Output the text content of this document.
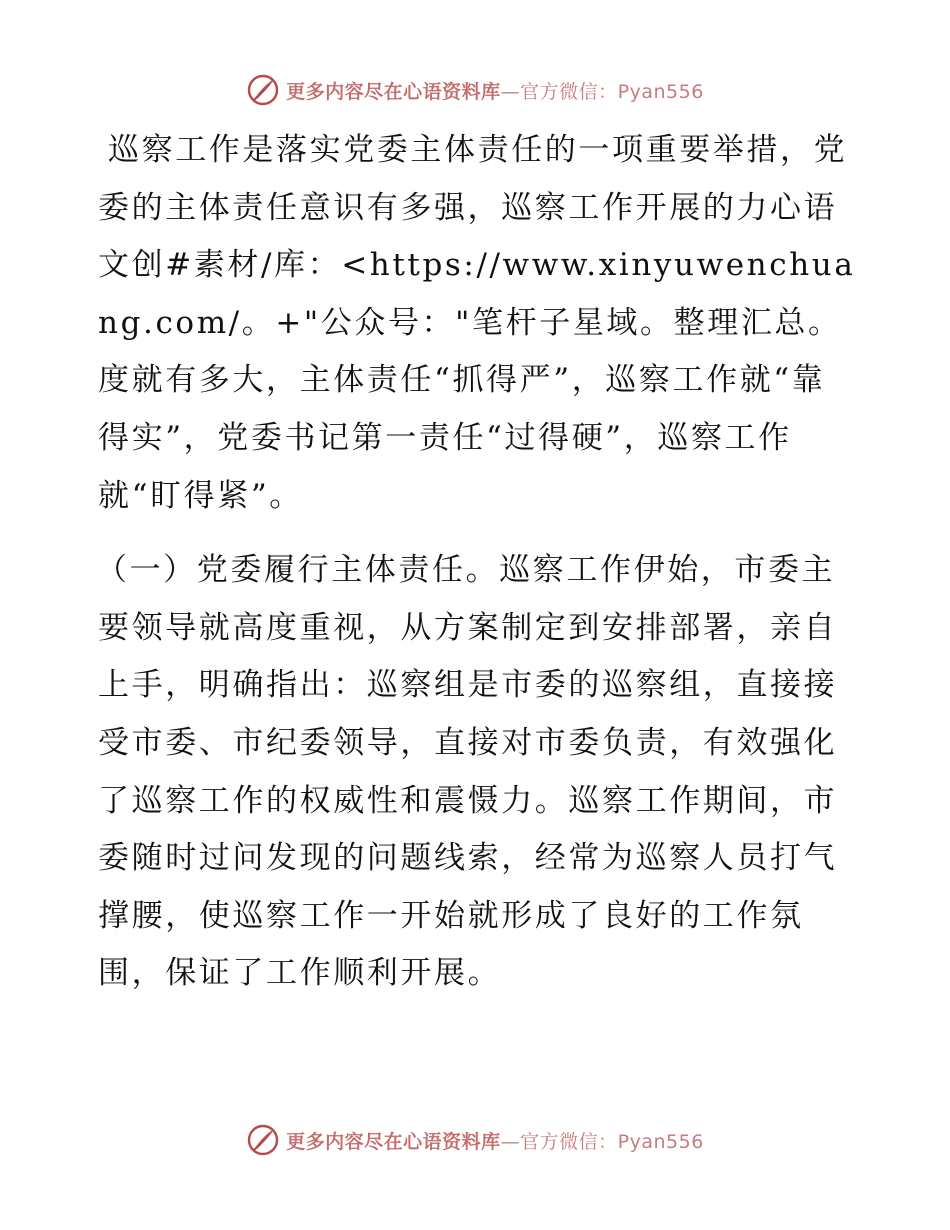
更多内容尽在心语资料库—官方微信：Pyan556

巡察工作是落实党委主体责任的一项重要举措，党委的主体责任意识有多强，巡察工作开展的力心语文创#素材/库：<https://www.xinyuwenchuang.com/。+"公众号："笔杆子星域。整理汇总。度就有多大，主体责任“抓得严”，巡察工作就“靠得实”，党委书记第一责任“过得硬”，巡察工作就“盯得紧”。

（一）党委履行主体责任。巡察工作伊始，市委主要领导就高度重视，从方案制定到安排部署，亲自上手，明确指出：巡察组是市委的巡察组，直接接受市委、市纪委领导，直接对市委负责，有效强化了巡察工作的权威性和震慑力。巡察工作期间，市委随时过问发现的问题线索，经常为巡察人员打气撑腰，使巡察工作一开始就形成了良好的工作氛围，保证了工作顺利开展。

更多内容尽在心语资料库—官方微信：Pyan556
